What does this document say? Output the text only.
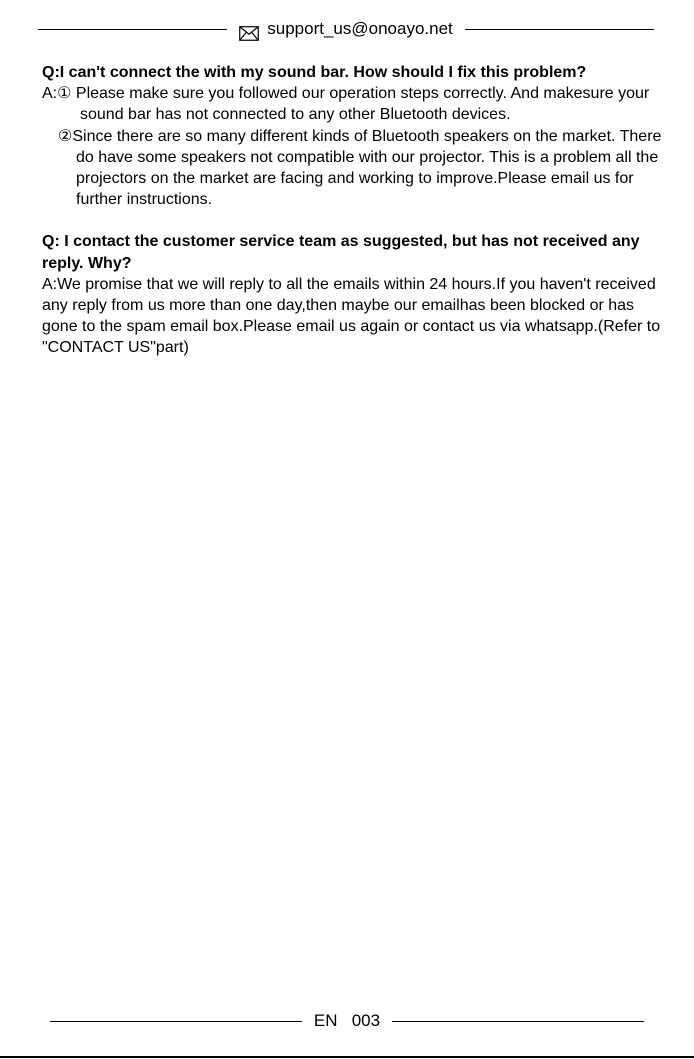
support_us@onoayo.net

Q:I can't connect the with my sound bar. How should I fix this problem?

A:① Please make sure you followed our operation steps correctly. And makesure your sound bar has not connected to any other Bluetooth devices.

②Since there are so many different kinds of Bluetooth speakers on the market. There do have some speakers not compatible with our projector. This is a problem all the projectors on the market are facing and working to improve.Please email us for further instructions.

Q: I contact the customer service team as suggested, but has not received any reply. Why?

A:We promise that we will reply to all the emails within 24 hours.If you haven't received any reply from us more than one day,then maybe our emailhas been blocked or has gone to the spam email box.Please email us again or contact us via whatsapp.(Refer to "CONTACT US"part)

EN   003
